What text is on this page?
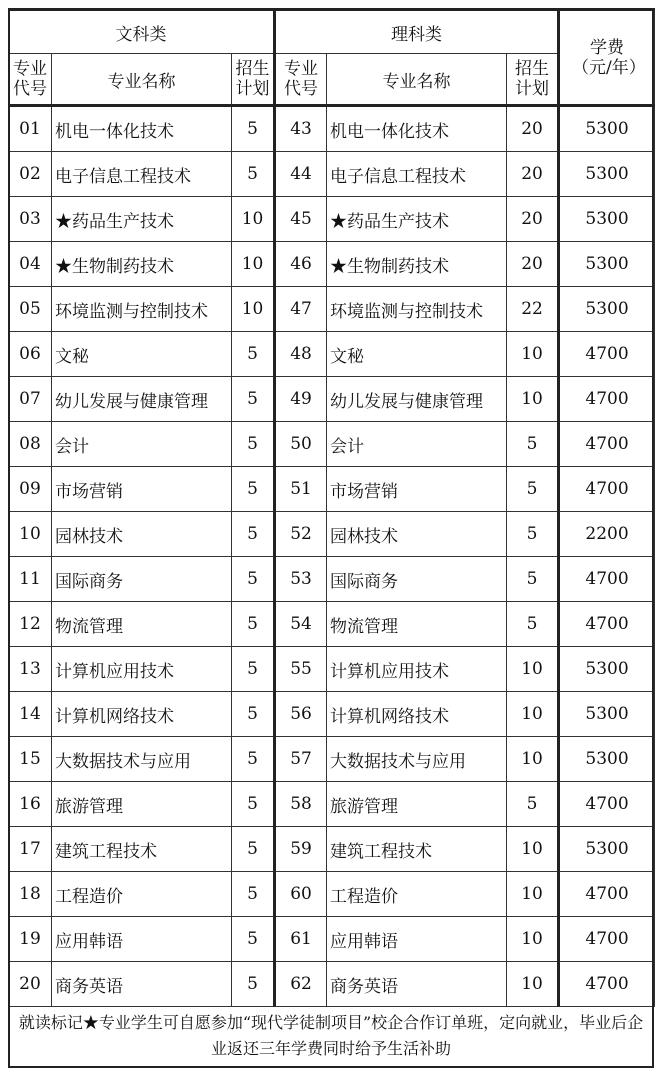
文科类			理科类			学费（元/年）
专业代号	专业名称	招生计划	专业代号	专业名称	招生计划	
01	机电一体化技术	5	43	机电一体化技术	20	5300
02	电子信息工程技术	5	44	电子信息工程技术	20	5300
03	★药品生产技术	10	45	★药品生产技术	20	5300
04	★生物制药技术	10	46	★生物制药技术	20	5300
05	环境监测与控制技术	10	47	环境监测与控制技术	22	5300
06	文秘	5	48	文秘	10	4700
07	幼儿发展与健康管理	5	49	幼儿发展与健康管理	10	4700
08	会计	5	50	会计	5	4700
09	市场营销	5	51	市场营销	5	4700
10	园林技术	5	52	园林技术	5	2200
11	国际商务	5	53	国际商务	5	4700
12	物流管理	5	54	物流管理	5	4700
13	计算机应用技术	5	55	计算机应用技术	10	5300
14	计算机网络技术	5	56	计算机网络技术	10	5300
15	大数据技术与应用	5	57	大数据技术与应用	10	5300
16	旅游管理	5	58	旅游管理	5	4700
17	建筑工程技术	5	59	建筑工程技术	10	5300
18	工程造价	5	60	工程造价	10	4700
19	应用韩语	5	61	应用韩语	10	4700
20	商务英语	5	62	商务英语	10	4700
就读标记★专业学生可自愿参加“现代学徒制项目”校企合作订单班，定向就业，毕业后企业返还三年学费同时给予生活补助
